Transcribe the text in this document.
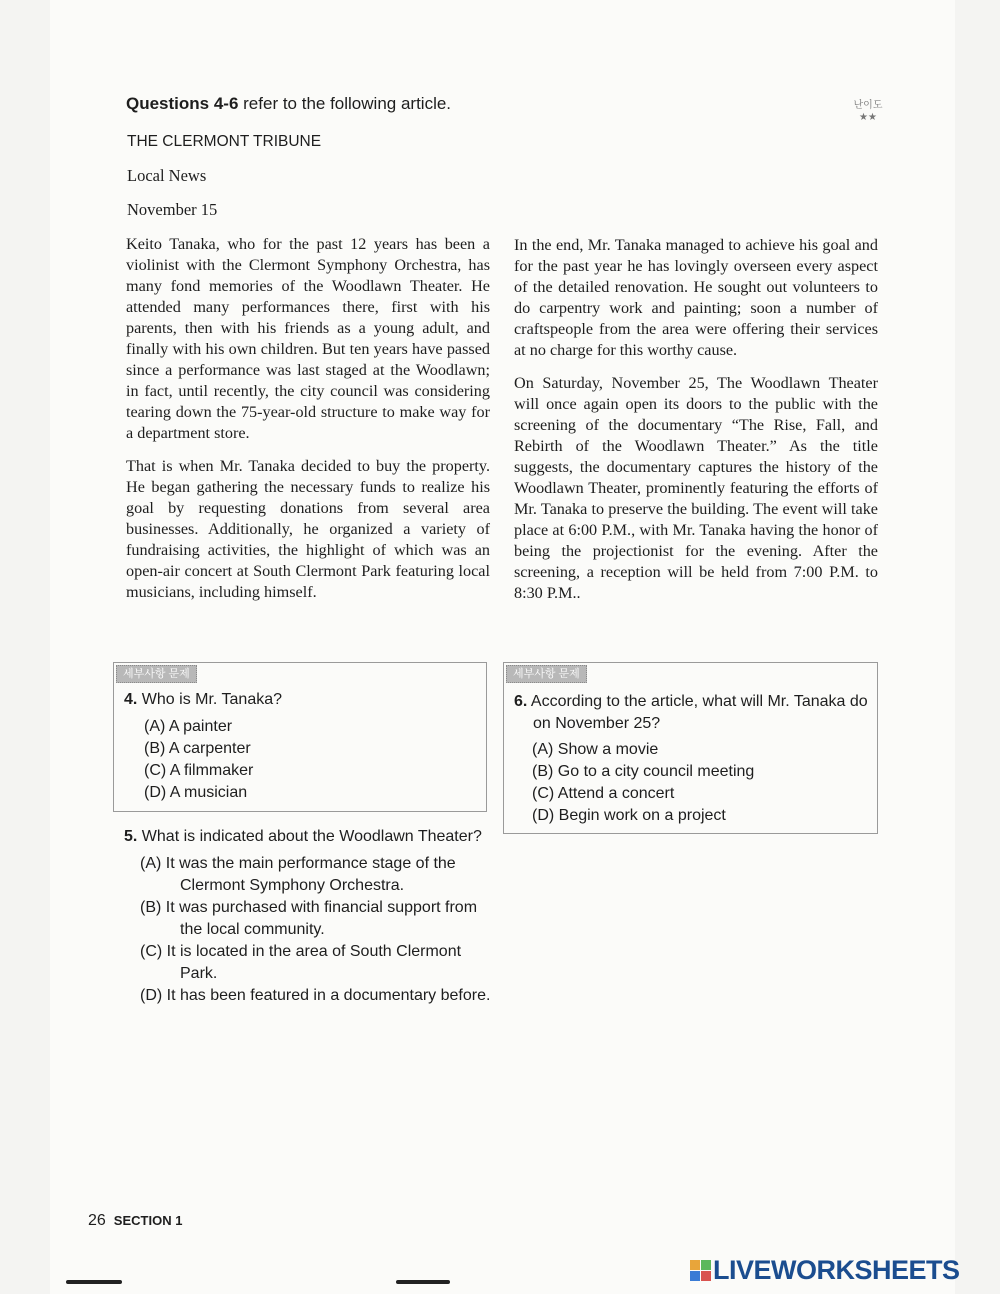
Questions 4-6 refer to the following article.	난이도
★★
THE CLERMONT TRIBUNE
Local News
November 15

Keito Tanaka, who for the past 12 years has been a violinist with the Clermont Symphony Orchestra, has many fond memories of the Woodlawn Theater. He attended many performances there, first with his parents, then with his friends as a young adult, and finally with his own children. But ten years have passed since a performance was last staged at the Woodlawn; in fact, until recently, the city council was considering tearing down the 75-year-old structure to make way for a department store.

That is when Mr. Tanaka decided to buy the property. He began gathering the necessary funds to realize his goal by requesting donations from several area businesses. Additionally, he organized a variety of fundraising activities, the highlight of which was an open-air concert at South Clermont Park featuring local musicians, including himself.

In the end, Mr. Tanaka managed to achieve his goal and for the past year he has lovingly overseen every aspect of the detailed renovation. He sought out volunteers to do carpentry work and painting; soon a number of craftspeople from the area were offering their services at no charge for this worthy cause.

On Saturday, November 25, The Woodlawn Theater will once again open its doors to the public with the screening of the documentary “The Rise, Fall, and Rebirth of the Woodlawn Theater.” As the title suggests, the documentary captures the history of the Woodlawn Theater, prominently featuring the efforts of Mr. Tanaka to preserve the building. The event will take place at 6:00 P.M., with Mr. Tanaka having the honor of being the projectionist for the evening. After the screening, a reception will be held from 7:00 P.M. to 8:30 P.M..

세부사항 문제
4. Who is Mr. Tanaka?
(A) A painter
(B) A carpenter
(C) A filmmaker
(D) A musician
세부사항 문제
6. According to the article, what will Mr. Tanaka do on November 25?
(A) Show a movie
(B) Go to a city council meeting
(C) Attend a concert
(D) Begin work on a project
5. What is indicated about the Woodlawn Theater?
(A) It was the main performance stage of the Clermont Symphony Orchestra.
(B) It was purchased with financial support from the local community.
(C) It is located in the area of South Clermont Park.
(D) It has been featured in a documentary before.
26 SECTION 1
LIVEWORKSHEETS
